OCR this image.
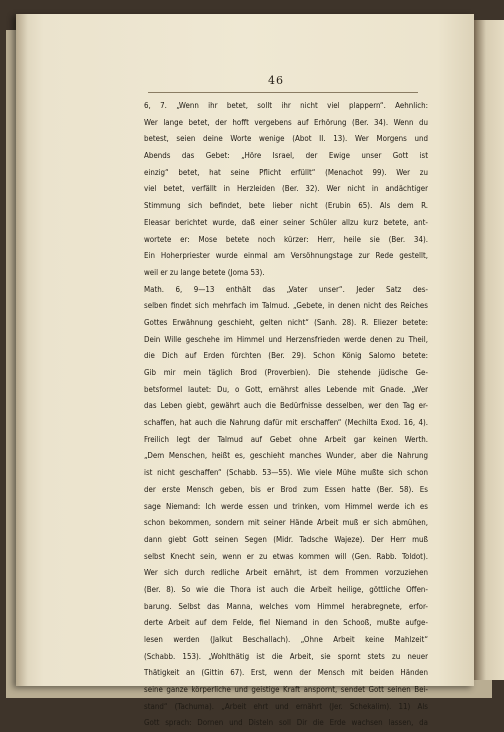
46
6, 7. „Wenn ihr betet, sollt ihr nicht viel plappern“. Aehnlich:
Wer lange betet, der hofft vergebens auf Erhörung (Ber. 34). Wenn du
betest, seien deine Worte wenige (Abot II. 13). Wer Morgens und
Abends das Gebet: „Höre Israel, der Ewige unser Gott ist
einzig“ betet, hat seine Pflicht erfüllt“ (Menachot 99). Wer zu
viel betet, verfällt in Herzleiden (Ber. 32). Wer nicht in andächtiger
Stimmung sich befindet, bete lieber nicht (Erubin 65). Als dem R.
Eleasar berichtet wurde, daß einer seiner Schüler allzu kurz betete, ant-
wortete er: Mose betete noch kürzer: Herr, heile sie (Ber. 34).
Ein Hoherpriester wurde einmal am Versöhnungstage zur Rede gestellt,
weil er zu lange betete (Joma 53).
Math. 6, 9—13 enthält das „Vater unser“. Jeder Satz des-
selben findet sich mehrfach im Talmud. „Gebete, in denen nicht des Reiches
Gottes Erwähnung geschieht, gelten nicht“ (Sanh. 28). R. Eliezer betete:
Dein Wille geschehe im Himmel und Herzensfrieden werde denen zu Theil,
die Dich auf Erden fürchten (Ber. 29). Schon König Salomo betete:
Gib mir mein täglich Brod (Proverbien). Die stehende jüdische Ge-
betsformel lautet: Du, o Gott, ernährst alles Lebende mit Gnade. „Wer
das Leben giebt, gewährt auch die Bedürfnisse desselben, wer den Tag er-
schaffen, hat auch die Nahrung dafür mit erschaffen“ (Mechilta Exod. 16, 4).
Freilich legt der Talmud auf Gebet ohne Arbeit gar keinen Werth.
„Dem Menschen, heißt es, geschieht manches Wunder, aber die Nahrung
ist nicht geschaffen“ (Schabb. 53—55). Wie viele Mühe mußte sich schon
der erste Mensch geben, bis er Brod zum Essen hatte (Ber. 58). Es
sage Niemand: Ich werde essen und trinken, vom Himmel werde ich es
schon bekommen, sondern mit seiner Hände Arbeit muß er sich abmühen,
dann giebt Gott seinen Segen (Midr. Tadsche Wajeze). Der Herr muß
selbst Knecht sein, wenn er zu etwas kommen will (Gen. Rabb. Toldot).
Wer sich durch redliche Arbeit ernährt, ist dem Frommen vorzuziehen
(Ber. 8). So wie die Thora ist auch die Arbeit heilige, göttliche Offen-
barung. Selbst das Manna, welches vom Himmel herabregnete, erfor-
derte Arbeit auf dem Felde, fiel Niemand in den Schooß, mußte aufge-
lesen werden (Jalkut Beschallach). „Ohne Arbeit keine Mahlzeit“
(Schabb. 153). „Wohlthätig ist die Arbeit, sie spornt stets zu neuer
Thätigkeit an (Gittin 67). Erst, wenn der Mensch mit beiden Händen
seine ganze körperliche und geistige Kraft anspornt, sendet Gott seinen Bei-
stand“ (Tachuma). „Arbeit ehrt und ernährt (Jer. Schekalim). 11) Als
Gott sprach: Dornen und Disteln soll Dir die Erde wachsen lassen, da
